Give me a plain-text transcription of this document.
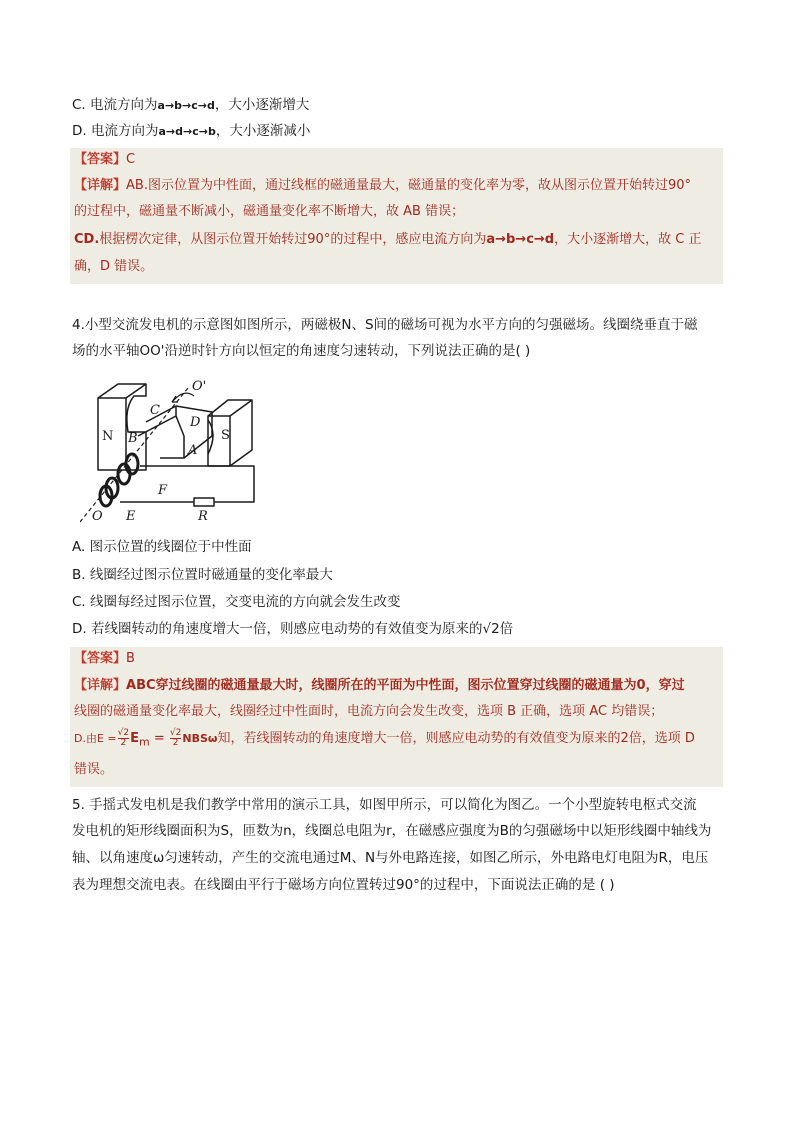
C. 电流方向为a→b→c→d，大小逐渐增大
D. 电流方向为a→d→c→b，大小逐渐减小
【答案】C
【详解】AB.图示位置为中性面，通过线框的磁通量最大，磁通量的变化率为零，故从图示位置开始转过90°
的过程中，磁通量不断减小，磁通量变化率不断增大，故 AB 错误；
CD.根据楞次定律，从图示位置开始转过90°的过程中，感应电流方向为a→b→c→d，大小逐渐增大，故 C 正
确，D 错误。
4.小型交流发电机的示意图如图所示，两磁极N、S间的磁场可视为水平方向的匀强磁场。线圈绕垂直于磁
场的水平轴OO'沿逆时针方向以恒定的角速度匀速转动，下列说法正确的是( )
O'
N	S
B
C
D
A
F
O E	R
A. 图示位置的线圈位于中性面
B. 线圈经过图示位置时磁通量的变化率最大
C. 线圈每经过图示位置，交变电流的方向就会发生改变
D. 若线圈转动的角速度增大一倍，则感应电动势的有效值变为原来的√2倍
【答案】B
【详解】ABC穿过线圈的磁通量最大时，线圈所在的平面为中性面，图示位置穿过线圈的磁通量为0，穿过
线圈的磁通量变化率最大，线圈经过中性面时，电流方向会发生改变，选项 B 正确，选项 AC 均错误；
D.由$E = \frac{√2}{2} E_m = \frac{√2}{2}$ NBSω知，若线圈转动的角速度增大一倍，则感应电动势的有效值变为原来的2倍，选项 D
错误。
5. 手摇式发电机是我们教学中常用的演示工具，如图甲所示，可以简化为图乙。一个小型旋转电枢式交流
发电机的矩形线圈面积为S，匝数为n，线圈总电阻为r，在磁感应强度为B的匀强磁场中以矩形线圈中轴线为
轴、以角速度ω匀速转动，产生的交流电通过M、N与外电路连接，如图乙所示，外电路电灯电阻为R，电压
表为理想交流电表。在线圈由平行于磁场方向位置转过90°的过程中，下面说法正确的是 ( )
